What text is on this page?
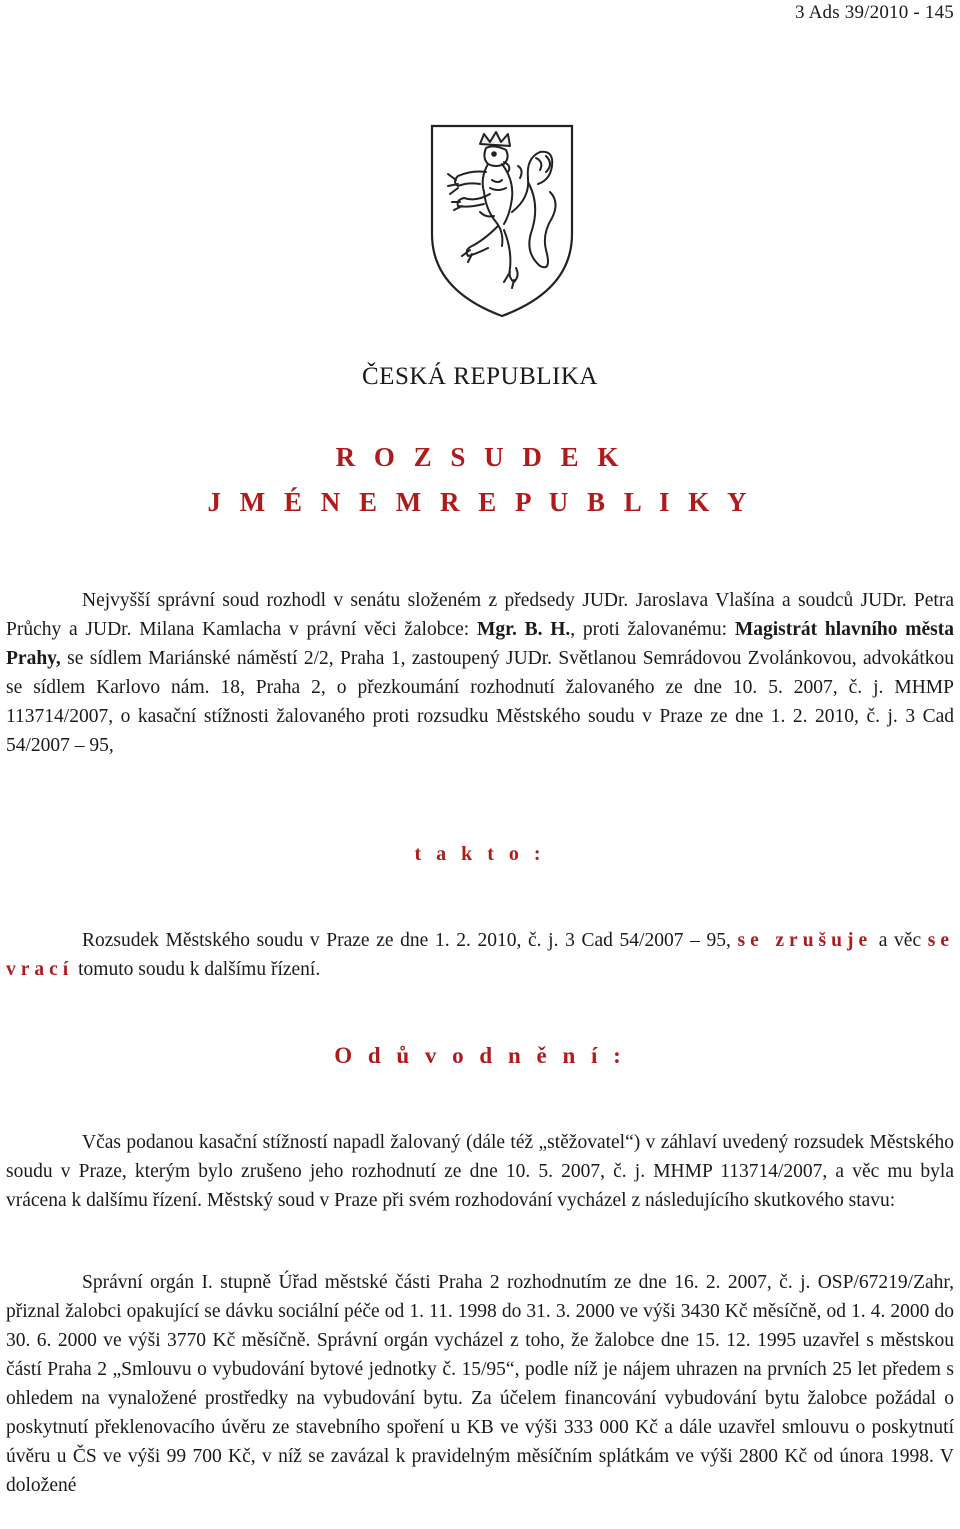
3 Ads 39/2010 - 145
ČESKÁ REPUBLIKA
R O Z S U D E K
J M É N E M R E P U B L I K Y

Nejvyšší správní soud rozhodl v senátu složeném z předsedy JUDr. Jaroslava Vlašína a soudců JUDr. Petra Průchy a JUDr. Milana Kamlacha v právní věci žalobce: Mgr. B. H., proti žalovanému: Magistrát hlavního města Prahy, se sídlem Mariánské náměstí 2/2, Praha 1, zastoupený JUDr. Světlanou Semrádovou Zvolánkovou, advokátkou se sídlem Karlovo nám. 18, Praha 2, o přezkoumání rozhodnutí žalovaného ze dne 10. 5. 2007, č. j. MHMP 113714/2007, o kasační stížnosti žalovaného proti rozsudku Městského soudu v Praze ze dne 1. 2. 2010, č. j. 3 Cad 54/2007 – 95,

t a k t o :

Rozsudek Městského soudu v Praze ze dne 1. 2. 2010, č. j. 3 Cad 54/2007 – 95, se zrušuje a věc se vrací tomuto soudu k dalšímu řízení.

O d ů v o d n ě n í :

Včas podanou kasační stížností napadl žalovaný (dále též „stěžovatel“) v záhlaví uvedený rozsudek Městského soudu v Praze, kterým bylo zrušeno jeho rozhodnutí ze dne 10. 5. 2007, č. j. MHMP 113714/2007, a věc mu byla vrácena k dalšímu řízení. Městský soud v Praze při svém rozhodování vycházel z následujícího skutkového stavu:

Správní orgán I. stupně Úřad městské části Praha 2 rozhodnutím ze dne 16. 2. 2007, č. j. OSP/67219/Zahr, přiznal žalobci opakující se dávku sociální péče od 1. 11. 1998 do 31. 3. 2000 ve výši 3430 Kč měsíčně, od 1. 4. 2000 do 30. 6. 2000 ve výši 3770 Kč měsíčně. Správní orgán vycházel z toho, že žalobce dne 15. 12. 1995 uzavřel s městskou částí Praha 2 „Smlouvu o vybudování bytové jednotky č. 15/95“, podle níž je nájem uhrazen na prvních 25 let předem s ohledem na vynaložené prostředky na vybudování bytu. Za účelem financování vybudování bytu žalobce požádal o poskytnutí překlenovacího úvěru ze stavebního spoření u KB ve výši 333 000 Kč a dále uzavřel smlouvu o poskytnutí úvěru u ČS ve výši 99 700 Kč, v níž se zavázal k pravidelným měsíčním splátkám ve výši 2800 Kč od února 1998. V doložené
